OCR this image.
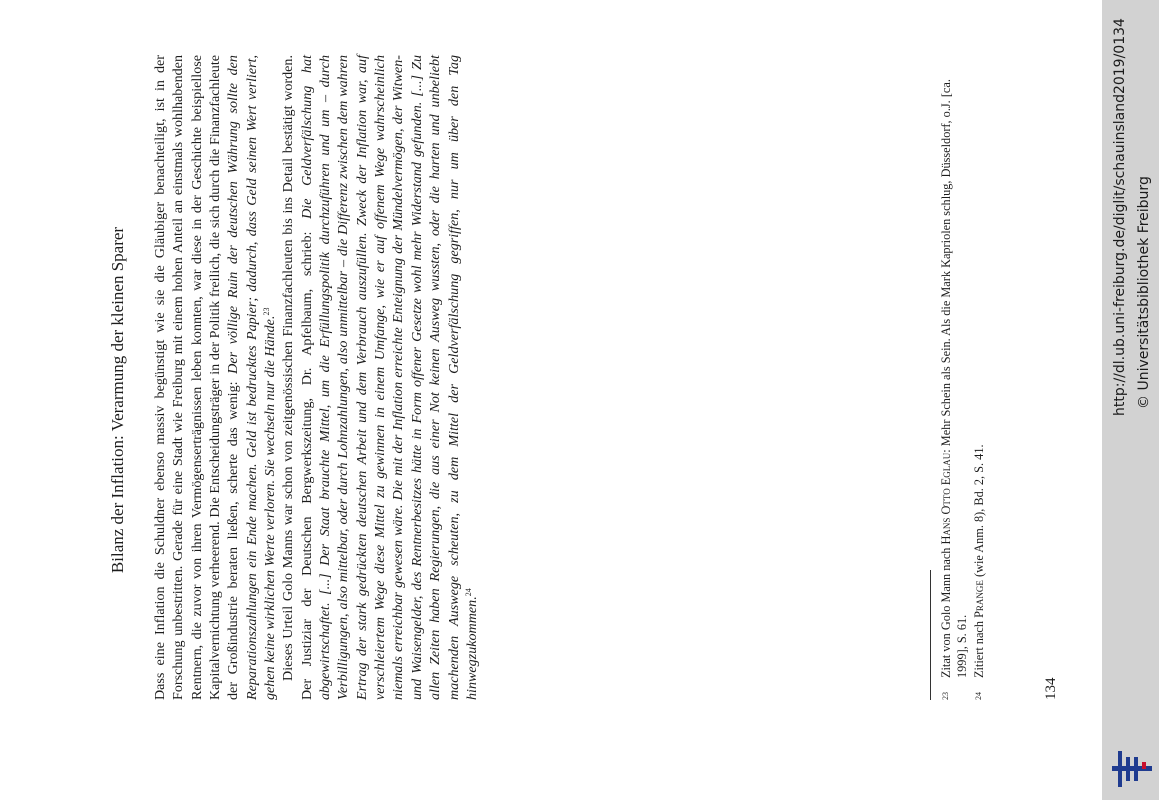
Bilanz der Inflation: Verarmung der kleinen Sparer Dass eine Inflation die Schuldner ebenso massiv begünstigt wie sie die Gläubiger benachteiligt, ist in der Forschung unbestritten. Gerade für eine Stadt wie Freiburg mit einem hohen Anteil an einstmals wohlhabenden Rentnern, die zuvor von ihren Vermögenserträgnissen leben konnten, war diese in der Geschichte beispiellose Kapitalvernichtung verheerend. Die Entscheidungsträger in der Politik freilich, die sich durch die Finanzfachleute der Großindustrie beraten ließen, scherte das wenig: Der völlige Ruin der deutschen Währung sollte den Reparationszahlungen ein Ende machen. Geld ist bedrucktes Papier; dadurch, dass Geld seinen Wert verliert, gehen keine wirklichen Werte verloren. Sie wechseln nur die Hände.$^{23}$ Dieses Urteil Golo Manns war schon von zeitgenössischen Finanzfachleuten bis ins Detail bestätigt worden. Der Justiziar der Deutschen Bergwerkszeitung, Dr. Apfelbaum, schrieb: Die Geldverfälschung hat abgewirtschaftet. [...] Der Staat brauchte Mittel, um die Erfüllungspolitik durchzuführen und um – durch Verbilligungen, also mittelbar, oder durch Lohnzahlungen, also unmittelbar – die Differenz zwischen dem wahren Ertrag der stark gedrückten deutschen Arbeit und dem Verbrauch auszufüllen. Zweck der Inflation war, auf verschleiertem Wege diese Mittel zu gewinnen in einem Umfange, wie er auf offenem Wege wahrscheinlich niemals erreichbar gewesen wäre. Die mit der Inflation erreichte Enteignung der Mündelvermögen, der Witwen- und Waisengelder, des Rentnerbesitzes hätte in Form offener Gesetze wohl mehr Widerstand gefunden. [...] Zu allen Zeiten haben Regierungen, die aus einer Not keinen Ausweg wussten, oder die harten und unbeliebt machenden Auswege scheuten, zu dem Mittel der Geldverfälschung gegriffen, nur um über den Tag hinwegzukommen.$^{24}$

23
Zitat von Golo Mann nach Hans Otto Eglau: Mehr Schein als Sein. Als die Mark Kapriolen schlug, Düsseldorf, o.J. [ca. 1999], S. 61.
24
Zitiert nach Prange (wie Anm. 8), Bd. 2, S. 41.
134
http://dl.ub.uni-freiburg.de/diglit/schauinsland2019/0134 © Universitätsbibliothek Freiburg
